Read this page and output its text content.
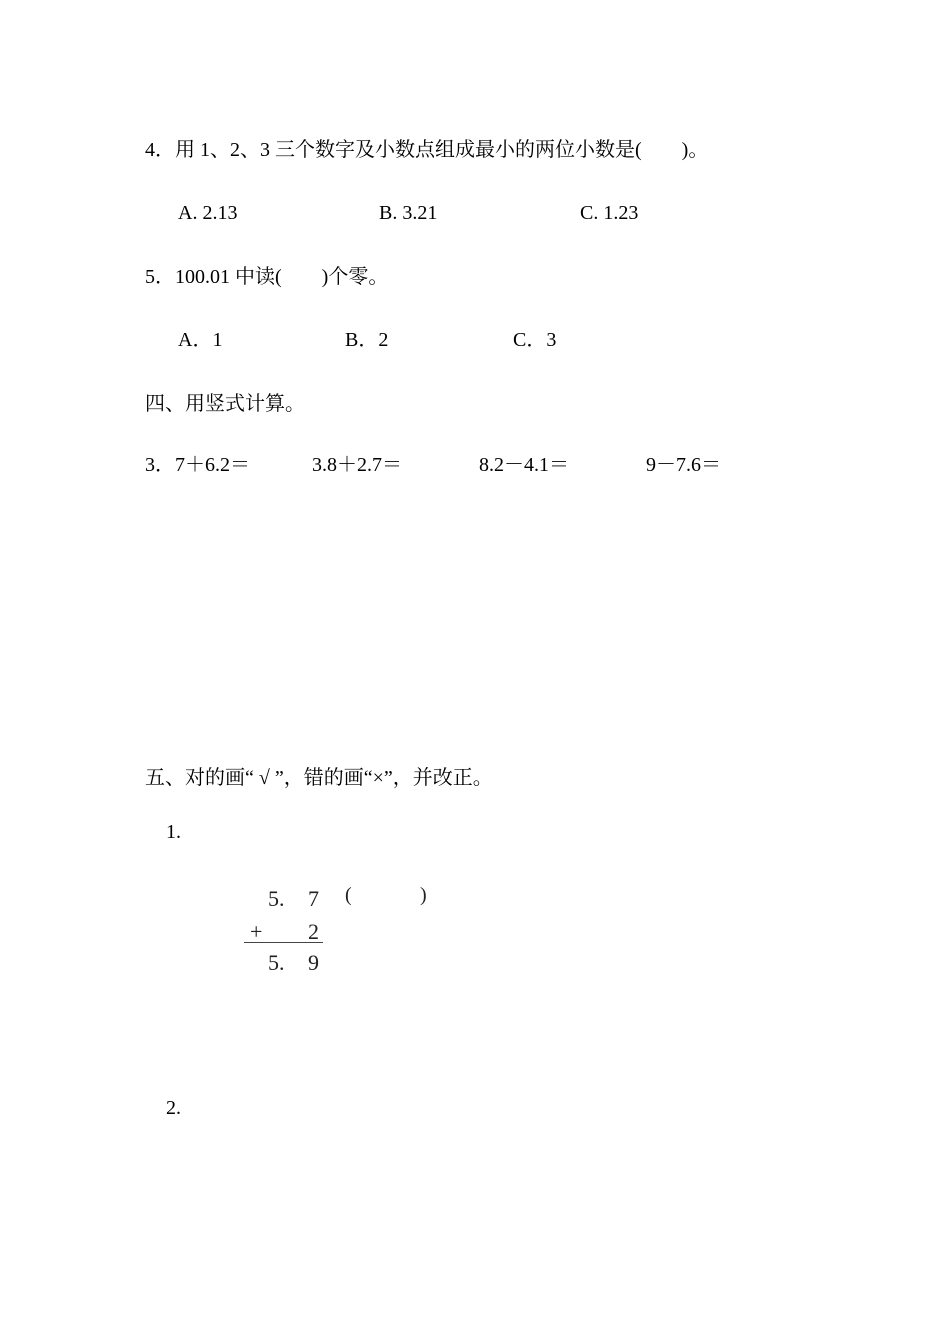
4．用 1、2、3 三个数字及小数点组成最小的两位小数是(　　)。
A. 2.13	B. 3.21	C. 1.23
5．100.01 中读(　　)个零。
A．1	B．2	C．3
四、用竖式计算。
3．7＋6.2＝	3.8＋2.7＝	8.2－4.1＝	9－7.6＝
五、对的画“ √ ”，错的画“×”，并改正。
1.
5. 7
+ 2
5. 9
(	)
2.
